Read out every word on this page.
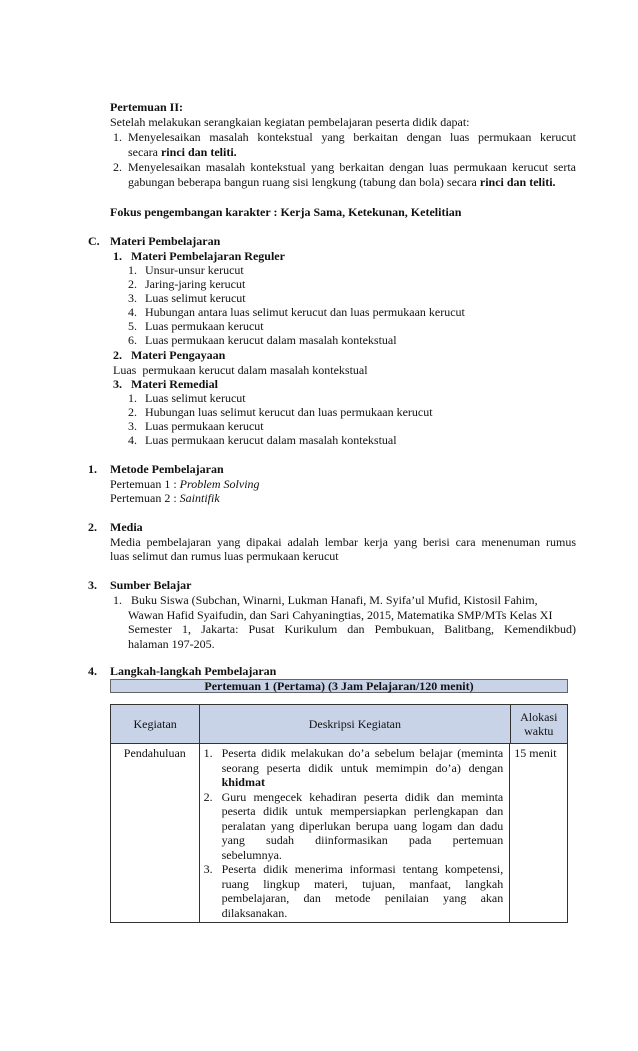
Pertemuan II:
Setelah melakukan serangkaian kegiatan pembelajaran peserta didik dapat:
1. Menyelesaikan masalah kontekstual yang berkaitan dengan luas permukaan kerucut
secara rinci dan teliti.
2. Menyelesaikan masalah kontekstual yang berkaitan dengan luas permukaan kerucut serta
gabungan beberapa bangun ruang sisi lengkung (tabung dan bola) secara rinci dan teliti.
Fokus pengembangan karakter : Kerja Sama, Ketekunan, Ketelitian
C. Materi Pembelajaran
1. Materi Pembelajaran Reguler
1. Unsur-unsur kerucut
2. Jaring-jaring kerucut
3. Luas selimut kerucut
4. Hubungan antara luas selimut kerucut dan luas permukaan kerucut
5. Luas permukaan kerucut
6. Luas permukaan kerucut dalam masalah kontekstual
2. Materi Pengayaan
Luas  permukaan kerucut dalam masalah kontekstual
3. Materi Remedial
1. Luas selimut kerucut
2. Hubungan luas selimut kerucut dan luas permukaan kerucut
3. Luas permukaan kerucut
4. Luas permukaan kerucut dalam masalah kontekstual
1. Metode Pembelajaran
Pertemuan 1 : Problem Solving
Pertemuan 2 : Saintifik
2. Media
Media pembelajaran yang dipakai adalah lembar kerja yang berisi cara menenuman rumus
luas selimut dan rumus luas permukaan kerucut
3. Sumber Belajar
1. Buku Siswa (Subchan, Winarni, Lukman Hanafi, M. Syifa’ul Mufid, Kistosil Fahim,
Wawan Hafid Syaifudin, dan Sari Cahyaningtias, 2015, Matematika SMP/MTs Kelas XI
Semester 1, Jakarta: Pusat Kurikulum dan Pembukuan, Balitbang, Kemendikbud)
halaman 197-205.
4. Langkah-langkah Pembelajaran
Pertemuan 1 (Pertama) (3 Jam Pelajaran/120 menit)
Kegiatan	Deskripsi Kegiatan
Alokasi waktu
Pendahuluan	1. Peserta didik melakukan do’a sebelum belajar (meminta
seorang peserta didik untuk memimpin do’a) dengan
khidmat
2. Guru mengecek kehadiran peserta didik dan meminta
peserta didik untuk mempersiapkan perlengkapan dan
peralatan yang diperlukan berupa uang logam dan dadu
yang sudah diinformasikan pada pertemuan
sebelumnya.
3. Peserta didik menerima informasi tentang kompetensi,
ruang lingkup materi, tujuan, manfaat, langkah
pembelajaran, dan metode penilaian yang akan
dilaksanakan.
15 menit
